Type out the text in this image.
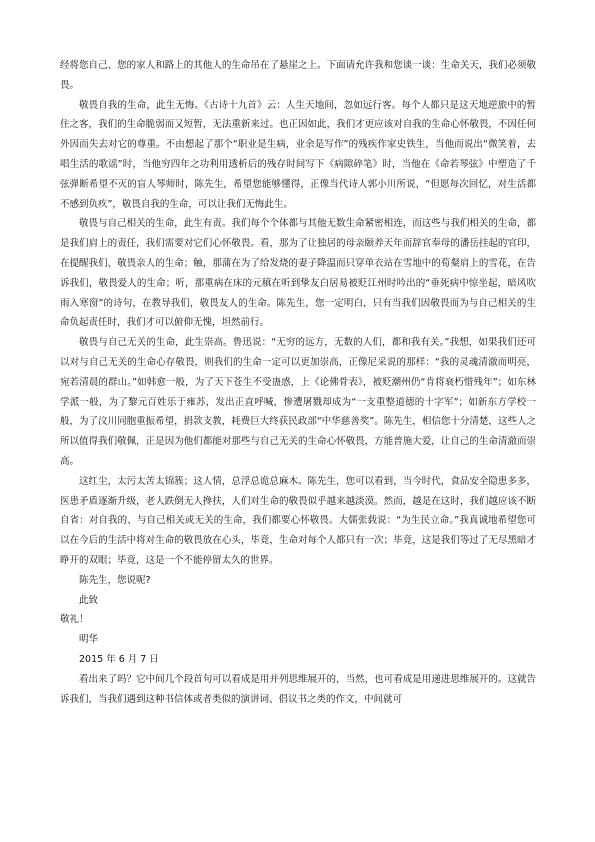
经将您自己、您的家人和路上的其他人的生命吊在了悬崖之上。下面请允许我和您谈一谈：生命关天，我们必须敬畏。

敬畏自我的生命，此生无悔。《古诗十九首》云：人生天地间，忽如远行客。每个人都只是这天地逆旅中的暂住之客，我们的生命脆弱而又短暂，无法重新来过。也正因如此，我们才更应该对自我的生命心怀敬畏，不因任何外因而失去对它的尊重。不由想起了那个“职业是生病，业余是写作”的残疾作家史铁生，当他而说出“微笑着，去唱生活的歌谣”时，当他穷四年之功利用透析后的残存时间写下《病隙碎笔》时，当他在《命若琴弦》中塑造了千弦弹断希望不灭的盲人琴师时，陈先生，希望您能够懂得，正像当代诗人郭小川所说，“但愿每次回忆，对生活都不感到负疚”，敬畏自我的生命，可以让我们无悔此生。

敬畏与自己相关的生命，此生有责。我们每个个体都与其他无数生命紧密相连，而这些与我们相关的生命，都是我们肩上的责任，我们需要对它们心怀敬畏。看，那为了让独居的母亲颐养天年而辞官奉母的潘岳挂起的官印，在提醒我们，敬畏亲人的生命；触，那蒲在为了给发烧的妻子降温而只穿单衣站在雪地中的荀粲肩上的雪花，在告诉我们，敬畏爱人的生命；听，那重病在床的元稹在听到挚友白居易被贬江州时吟出的“垂死病中惊坐起，暗风吹雨入寒窗”的诗句，在教导我们，敬畏友人的生命。陈先生，您一定明白，只有当我们因敬畏而为与自己相关的生命负起责任时，我们才可以俯仰无愧，坦然前行。

敬畏与自己无关的生命，此生崇高。鲁迅说：“无穷的远方，无数的人们，都和我有关。”我想，如果我们还可以对与自己无关的生命心存敬畏，则我们的生命一定可以更加崇高，正像尼采说的那样：“我的灵魂清澈而明亮，宛若清晨的群山。”如韩愈一般，为了天下苍生不受蛊惑，上《论佛骨表》，被贬潮州仍“肯将衰朽惜残年”；如东林学派一般，为了黎元百姓乐于雍苏，发出正直呼喊，惨遭屠戮却成为“一支重整道德的十字军”；如新东方学校一般，为了汶川同胞重振希望，捐款支教，耗费巨大终获民政部“中华慈善奖”。陈先生，相信您十分清楚，这些人之所以值得我们敬佩，正是因为他们都能对那些与自己无关的生命心怀敬畏，方能普施大爱，让自己的生命清澈而崇高。

这红尘，太污太苦太锦簇；这人情，总浮总诡总麻木。陈先生，您可以看到，当今时代，食品安全隐患多多，医患矛盾逐渐升级，老人跌倒无人搀扶，人们对生命的敬畏似乎越来越淡漠。然而，越是在这时，我们越应该不断自省：对自我的、与自己相关或无关的生命，我们都要心怀敬畏。大儒张载说：“为生民立命。”我真诚地希望您可以在今后的生活中将对生命的敬畏放在心头，毕竟，生命对每个人都只有一次；毕竟，这是我们等过了无尽黑暗才睁开的双眼；毕竟，这是一个不能停留太久的世界。

陈先生，您说呢?

此致

敬礼！

明华

2015 年 6 月 7 日

看出来了吗？它中间几个段首句可以看成是用并列思维展开的，当然，也可看成是用递进思维展开的。这就告诉我们，当我们遇到这种书信体或者类似的演讲词、倡议书之类的作文，中间就可
